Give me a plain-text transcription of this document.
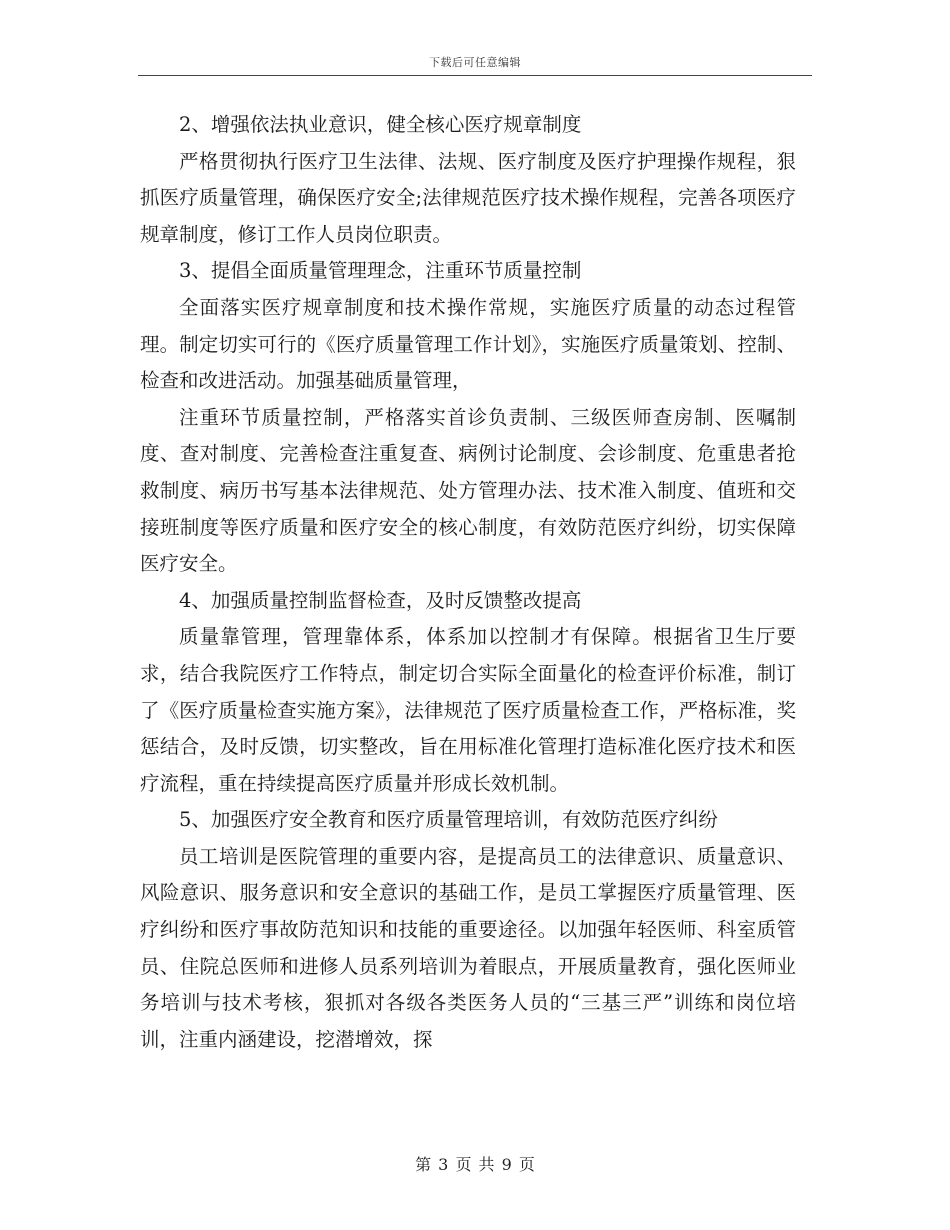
下载后可任意编辑

2、增强依法执业意识，健全核心医疗规章制度

严格贯彻执行医疗卫生法律、法规、医疗制度及医疗护理操作规程，狠抓医疗质量管理，确保医疗安全;法律规范医疗技术操作规程，完善各项医疗规章制度，修订工作人员岗位职责。

3、提倡全面质量管理理念，注重环节质量控制

全面落实医疗规章制度和技术操作常规，实施医疗质量的动态过程管理。制定切实可行的《医疗质量管理工作计划》，实施医疗质量策划、控制、检查和改进活动。加强基础质量管理，

注重环节质量控制，严格落实首诊负责制、三级医师查房制、医嘱制度、查对制度、完善检查注重复查、病例讨论制度、会诊制度、危重患者抢救制度、病历书写基本法律规范、处方管理办法、技术准入制度、值班和交接班制度等医疗质量和医疗安全的核心制度，有效防范医疗纠纷，切实保障医疗安全。

4、加强质量控制监督检查，及时反馈整改提高

质量靠管理，管理靠体系，体系加以控制才有保障。根据省卫生厅要求，结合我院医疗工作特点，制定切合实际全面量化的检查评价标准，制订了《医疗质量检查实施方案》，法律规范了医疗质量检查工作，严格标准，奖惩结合，及时反馈，切实整改，旨在用标准化管理打造标准化医疗技术和医疗流程，重在持续提高医疗质量并形成长效机制。

5、加强医疗安全教育和医疗质量管理培训，有效防范医疗纠纷

员工培训是医院管理的重要内容，是提高员工的法律意识、质量意识、风险意识、服务意识和安全意识的基础工作，是员工掌握医疗质量管理、医疗纠纷和医疗事故防范知识和技能的重要途径。以加强年轻医师、科室质管员、住院总医师和进修人员系列培训为着眼点，开展质量教育，强化医师业务培训与技术考核，狠抓对各级各类医务人员的“三基三严”训练和岗位培训，注重内涵建设，挖潜增效，探

第 3 页 共 9 页
